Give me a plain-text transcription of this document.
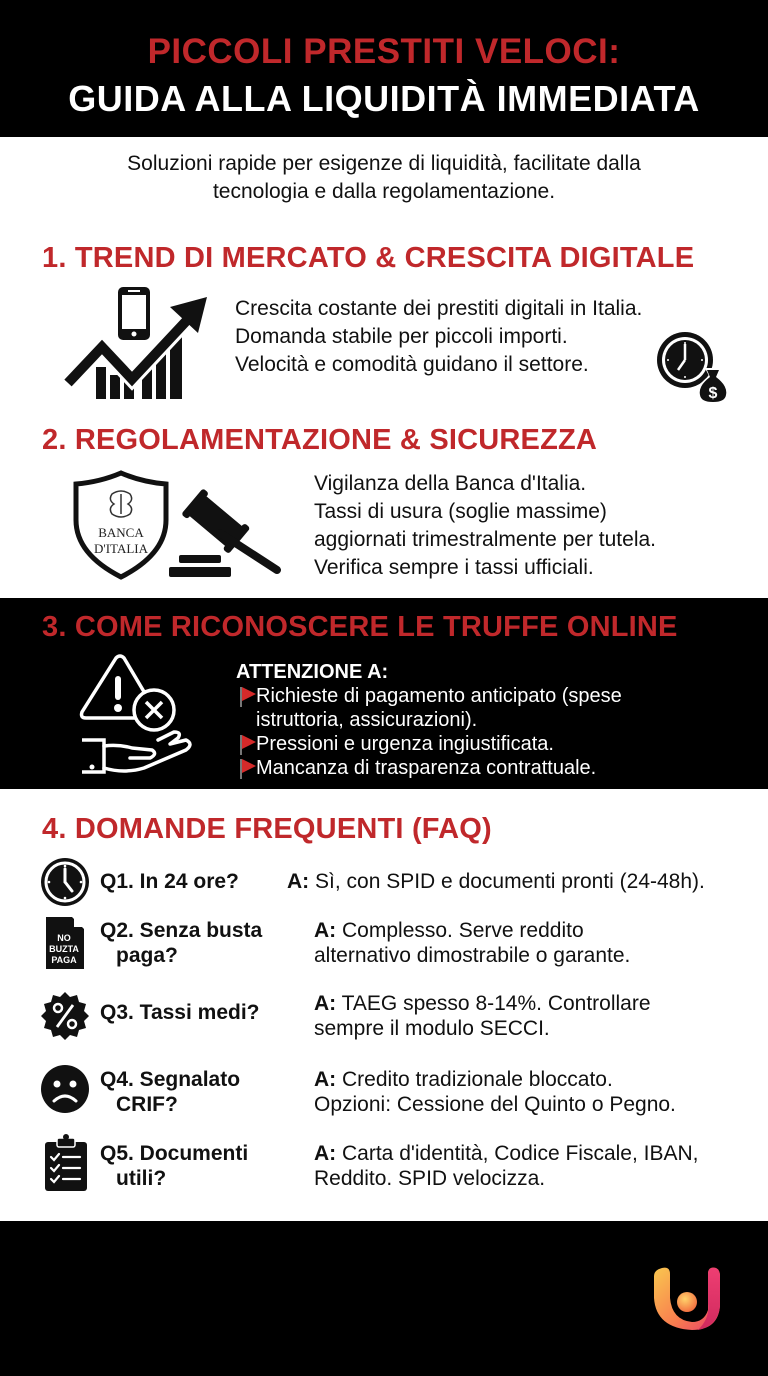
PICCOLI PRESTITI VELOCI:
GUIDA ALLA LIQUIDITÀ IMMEDIATA
Soluzioni rapide per esigenze di liquidità, facilitate dalla
tecnologia e dalla regolamentazione.
1. TREND DI MERCATO & CRESCITA DIGITALE
Crescita costante dei prestiti digitali in Italia.
Domanda stabile per piccoli importi.
Velocità e comodità guidano il settore.
$
2. REGOLAMENTAZIONE & SICUREZZA
BANCA
D'ITALIA
Vigilanza della Banca d'Italia.
Tassi di usura (soglie massime)
aggiornati trimestralmente per tutela.
Verifica sempre i tassi ufficiali.
3. COME RICONOSCERE LE TRUFFE ONLINE
ATTENZIONE A:
Richieste di pagamento anticipato (spese
istruttoria, assicurazioni).
Pressioni e urgenza ingiustificata.
Mancanza di trasparenza contrattuale.
4. DOMANDE FREQUENTI (FAQ)
Q1. In 24 ore? A: Sì, con SPID e documenti pronti (24-48h).
NO
BUZTA
PAGA
Q2. Senza busta
paga?
A: Complesso. Serve reddito
alternativo dimostrabile o garante.
Q3. Tassi medi?	A: TAEG spesso 8-14%. Controllare
sempre il modulo SECCI.
Q4. Segnalato
CRIF?
A: Credito tradizionale bloccato.
Opzioni: Cessione del Quinto o Pegno.
Q5. Documenti
utili?
A: Carta d'identità, Codice Fiscale, IBAN,
Reddito. SPID velocizza.
